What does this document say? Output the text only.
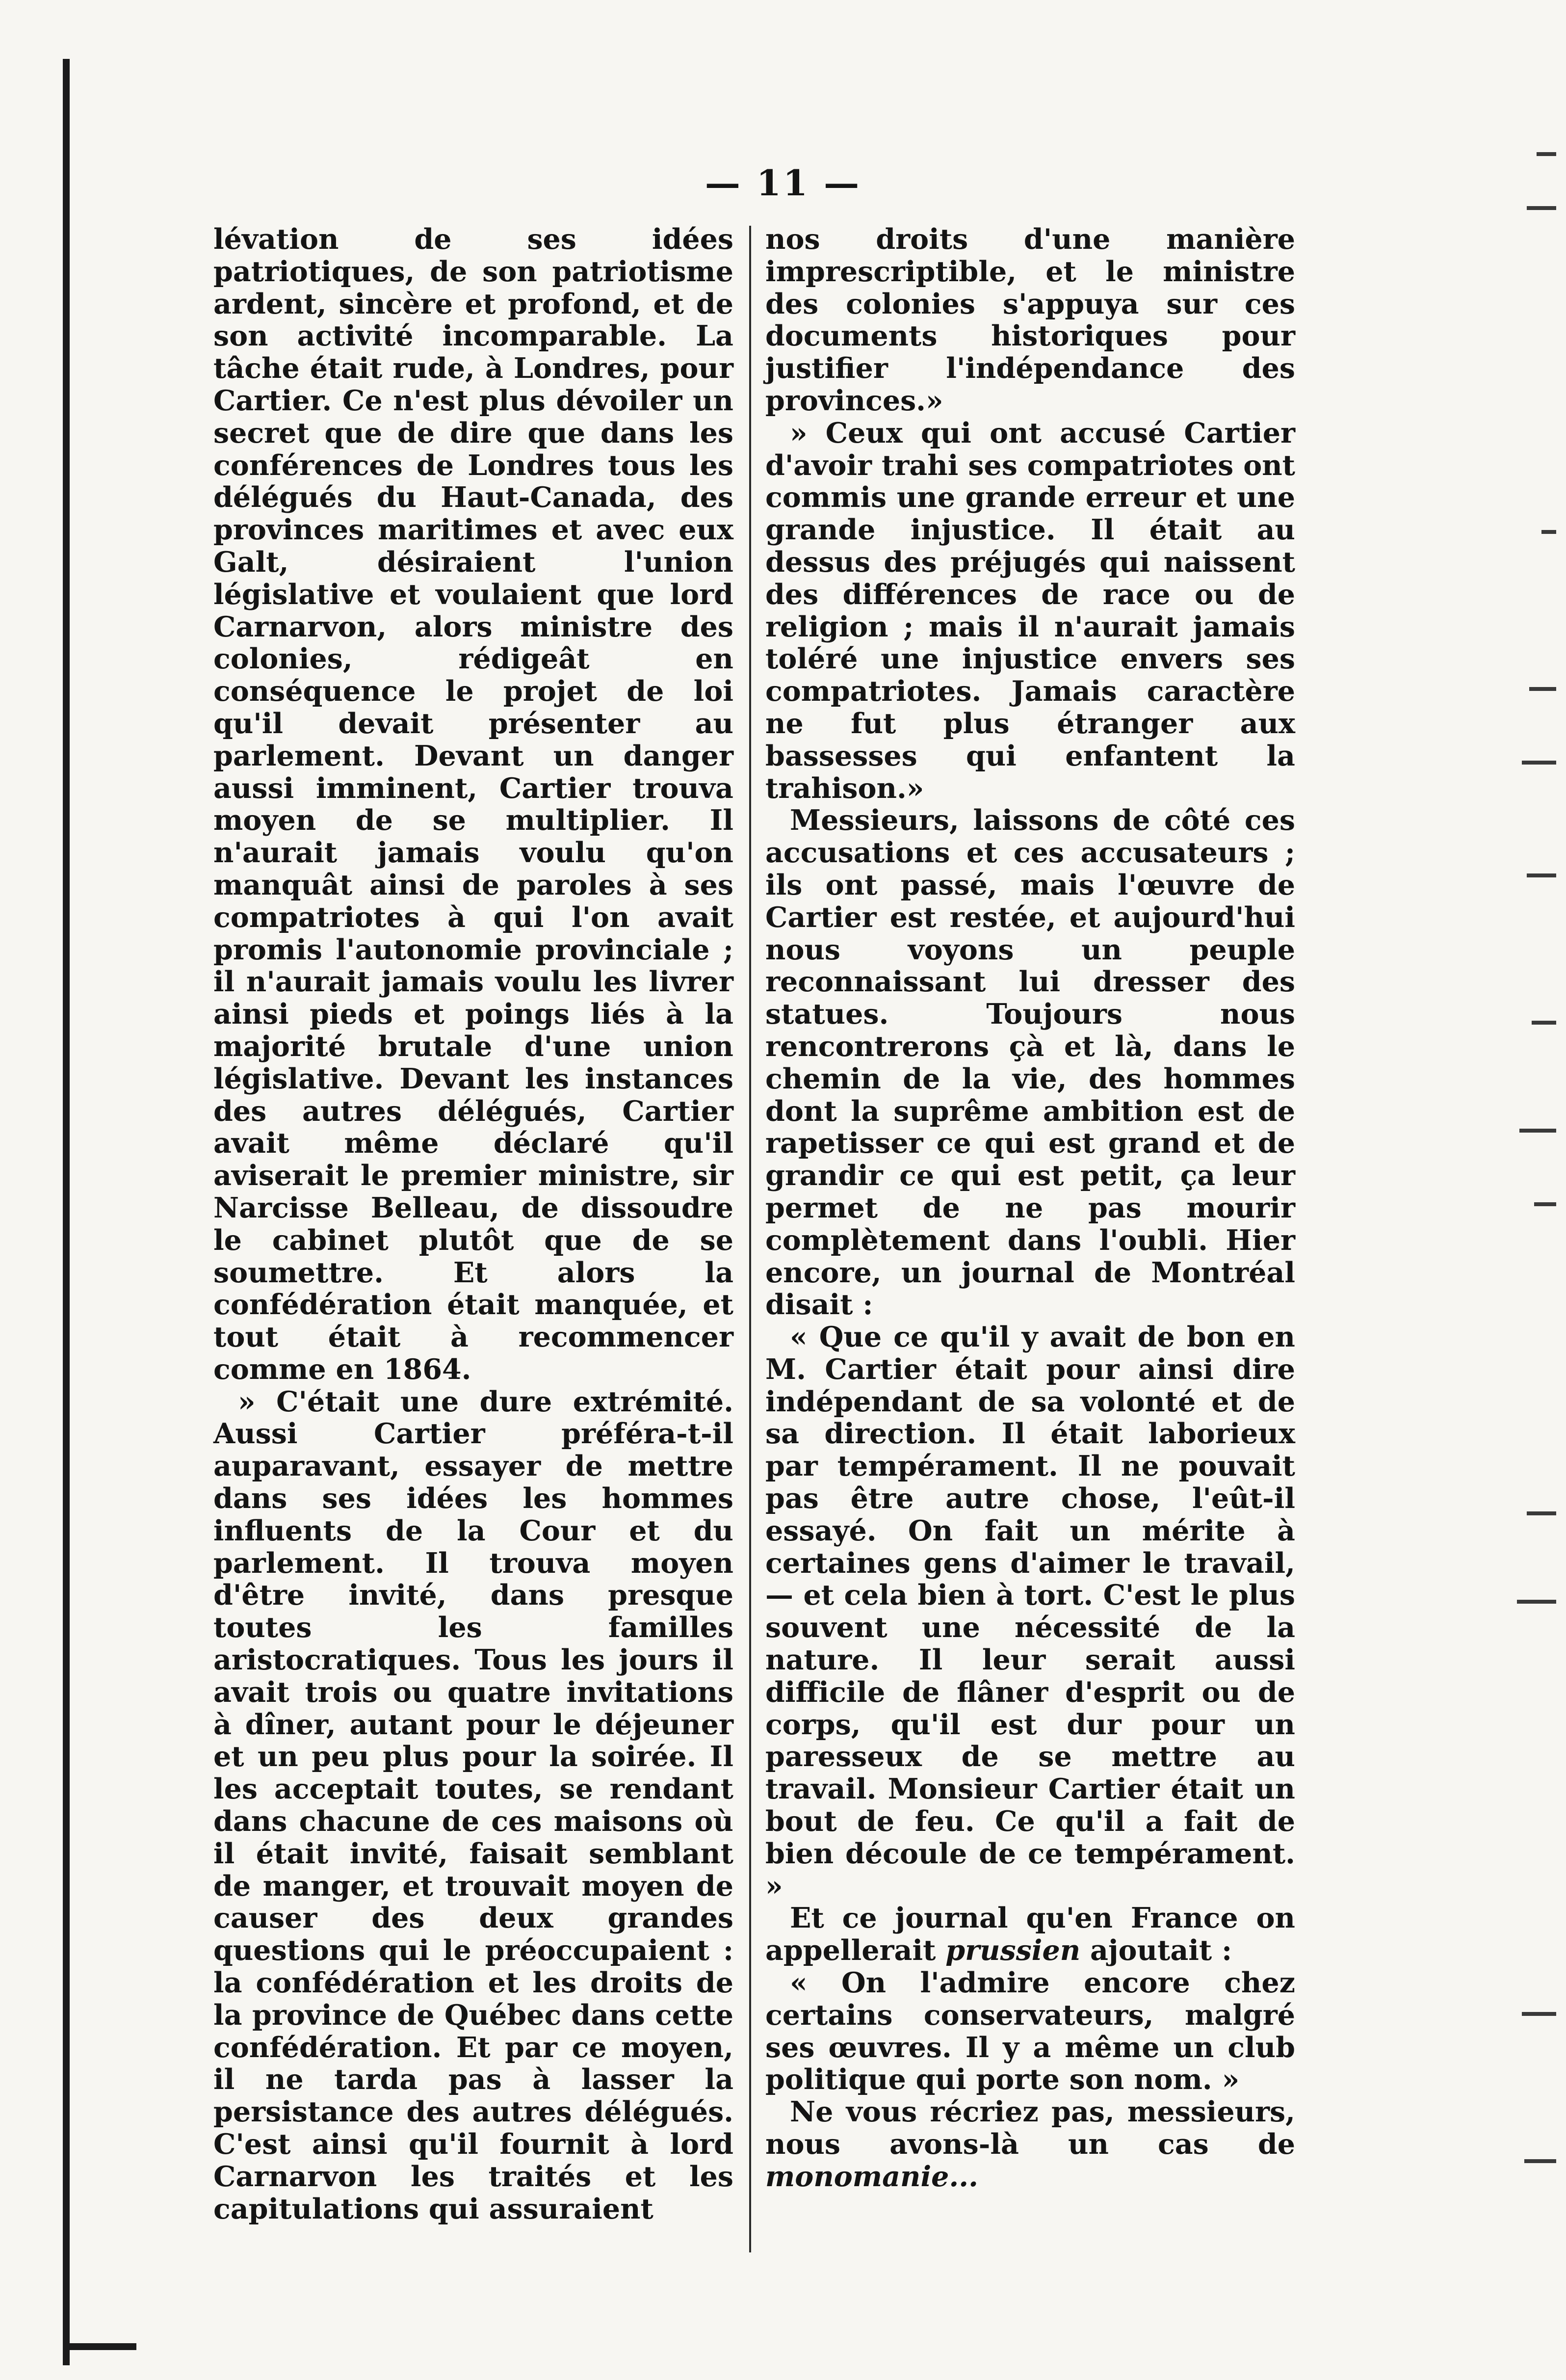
— 11 —

lévation de ses idées patriotiques, de son patriotisme ardent, sincère et profond, et de son activité incomparable. La tâche était rude, à Londres, pour Cartier. Ce n'est plus dévoiler un secret que de dire que dans les conférences de Londres tous les délégués du Haut-Canada, des provinces maritimes et avec eux Galt, désiraient l'union législative et voulaient que lord Carnarvon, alors ministre des colonies, rédigeât en conséquence le projet de loi qu'il devait présenter au parlement. Devant un danger aussi imminent, Cartier trouva moyen de se multiplier. Il n'aurait jamais voulu qu'on manquât ainsi de paroles à ses compatriotes à qui l'on avait promis l'autonomie provinciale ; il n'aurait jamais voulu les livrer ainsi pieds et poings liés à la majorité brutale d'une union législative. Devant les instances des autres délégués, Cartier avait même déclaré qu'il aviserait le premier ministre, sir Narcisse Belleau, de dissoudre le cabinet plutôt que de se soumettre. Et alors la confédération était manquée, et tout était à recommencer comme en 1864.

» C'était une dure extrémité. Aussi Cartier préféra-t-il auparavant, essayer de mettre dans ses idées les hommes influents de la Cour et du parlement. Il trouva moyen d'être invité, dans presque toutes les familles aristocratiques. Tous les jours il avait trois ou quatre invitations à dîner, autant pour le déjeuner et un peu plus pour la soirée. Il les acceptait toutes, se rendant dans chacune de ces maisons où il était invité, faisait semblant de manger, et trouvait moyen de causer des deux grandes questions qui le préoccupaient : la confédération et les droits de la province de Québec dans cette confédération. Et par ce moyen, il ne tarda pas à lasser la persistance des autres délégués. C'est ainsi qu'il fournit à lord Carnarvon les traités et les capitulations qui assuraient

nos droits d'une manière imprescriptible, et le ministre des colonies s'appuya sur ces documents historiques pour justifier l'indépendance des provinces.»

» Ceux qui ont accusé Cartier d'avoir trahi ses compatriotes ont commis une grande erreur et une grande injustice. Il était au dessus des préjugés qui naissent des différences de race ou de religion ; mais il n'aurait jamais toléré une injustice envers ses compatriotes. Jamais caractère ne fut plus étranger aux bassesses qui enfantent la trahison.»

Messieurs, laissons de côté ces accusations et ces accusateurs ; ils ont passé, mais l'œuvre de Cartier est restée, et aujourd'hui nous voyons un peuple reconnaissant lui dresser des statues. Toujours nous rencontrerons çà et là, dans le chemin de la vie, des hommes dont la suprême ambition est de rapetisser ce qui est grand et de grandir ce qui est petit, ça leur permet de ne pas mourir complètement dans l'oubli. Hier encore, un journal de Montréal disait :

« Que ce qu'il y avait de bon en M. Cartier était pour ainsi dire indépendant de sa volonté et de sa direction. Il était laborieux par tempérament. Il ne pouvait pas être autre chose, l'eût-il essayé. On fait un mérite à certaines gens d'aimer le travail, — et cela bien à tort. C'est le plus souvent une nécessité de la nature. Il leur serait aussi difficile de flâner d'esprit ou de corps, qu'il est dur pour un paresseux de se mettre au travail. Monsieur Cartier était un bout de feu. Ce qu'il a fait de bien découle de ce tempérament. »

Et ce journal qu'en France on appellerait prussien ajoutait :

« On l'admire encore chez certains conservateurs, malgré ses œuvres. Il y a même un club politique qui porte son nom. »

Ne vous récriez pas, messieurs, nous avons-là un cas de monomanie...
